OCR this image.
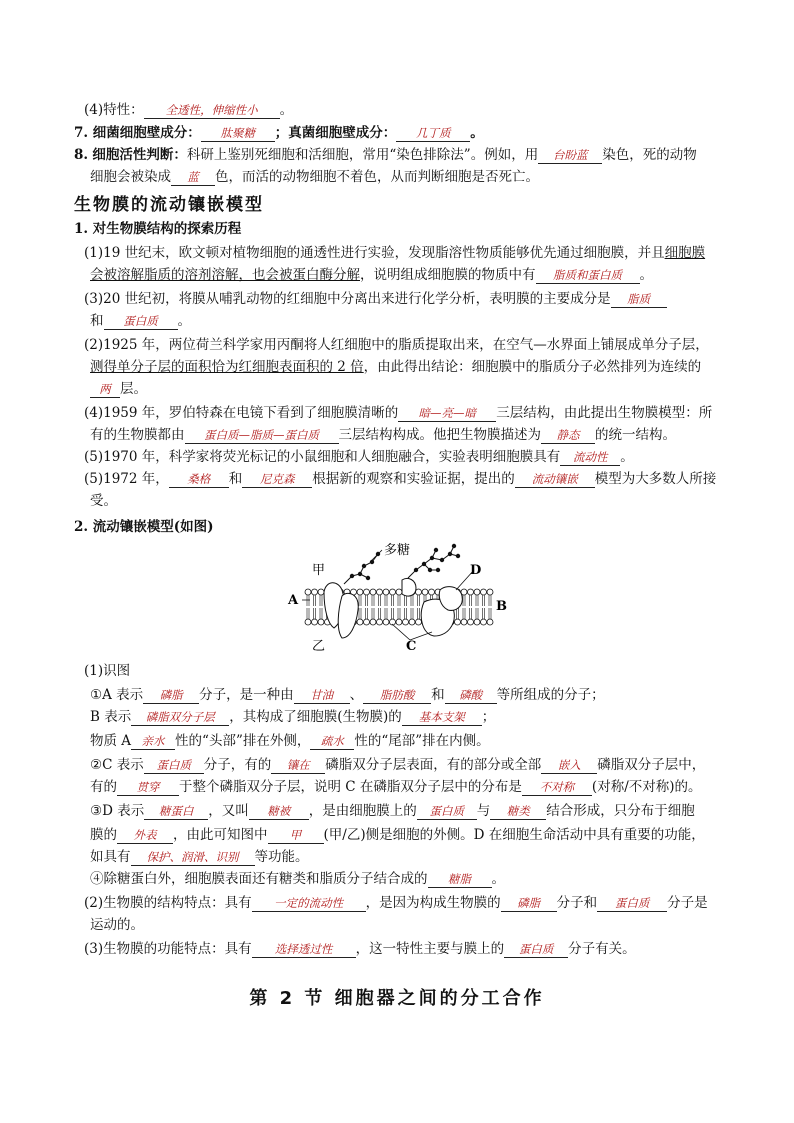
(4)特性： 全透性，伸缩性小 。
7. 细菌细胞壁成分： 肽聚糖 ；真菌细胞壁成分： 几丁质 。
8. 细胞活性判断：科研上鉴别死细胞和活细胞，常用“染色排除法”。例如，用 台盼蓝 染色，死的动物
细胞会被染成 蓝 色，而活的动物细胞不着色，从而判断细胞是否死亡。
生物膜的流动镶嵌模型
1. 对生物膜结构的探索历程
(1)19 世纪末，欧文顿对植物细胞的通透性进行实验，发现脂溶性物质能够优先通过细胞膜，并且细胞膜
会被溶解脂质的溶剂溶解，也会被蛋白酶分解，说明组成细胞膜的物质中有 脂质和蛋白质 。
(3)20 世纪初，将膜从哺乳动物的红细胞中分离出来进行化学分析，表明膜的主要成分是 脂质
和 蛋白质 。
(2)1925 年，两位荷兰科学家用丙酮将人红细胞中的脂质提取出来，在空气—水界面上铺展成单分子层，
测得单分子层的面积恰为红细胞表面积的 2 倍，由此得出结论：细胞膜中的脂质分子必然排列为连续的
两 层。
(4)1959 年，罗伯特森在电镜下看到了细胞膜清晰的 暗—亮—暗 三层结构，由此提出生物膜模型：所
有的生物膜都由 蛋白质—脂质—蛋白质 三层结构构成。他把生物膜描述为 静态 的统一结构。
(5)1970 年，科学家将荧光标记的小鼠细胞和人细胞融合，实验表明细胞膜具有 流动性 。
(5)1972 年， 桑格 和 尼克森 根据新的观察和实验证据，提出的 流动镶嵌 模型为大多数人所接
受。
2. 流动镶嵌模型(如图)
多糖
甲
乙
A	B
C
D
(1)识图
①A 表示 磷脂 分子，是一种由 甘油 、 脂肪酸 和 磷酸 等所组成的分子；
B 表示 磷脂双分子层 ，其构成了细胞膜(生物膜)的 基本支架 ；
物质 A 亲水 性的“头部”排在外侧， 疏水 性的“尾部”排在内侧。
②C 表示 蛋白质 分子，有的 镶在 磷脂双分子层表面，有的部分或全部 嵌入 磷脂双分子层中，
有的 贯穿 于整个磷脂双分子层，说明 C 在磷脂双分子层中的分布是 不对称 (对称/不对称)的。
③D 表示 糖蛋白 ，又叫 糖被 ，是由细胞膜上的 蛋白质 与 糖类 结合形成，只分布于细胞
膜的 外表 ，由此可知图中 甲 (甲/乙)侧是细胞的外侧。D 在细胞生命活动中具有重要的功能，
如具有 保护、润滑、识别 等功能。
④除糖蛋白外，细胞膜表面还有糖类和脂质分子结合成的 糖脂 。
(2)生物膜的结构特点：具有 一定的流动性 ，是因为构成生物膜的 磷脂 分子和 蛋白质 分子是
运动的。
(3)生物膜的功能特点：具有 选择透过性 ，这一特性主要与膜上的 蛋白质 分子有关。
第 2 节 细胞器之间的分工合作
